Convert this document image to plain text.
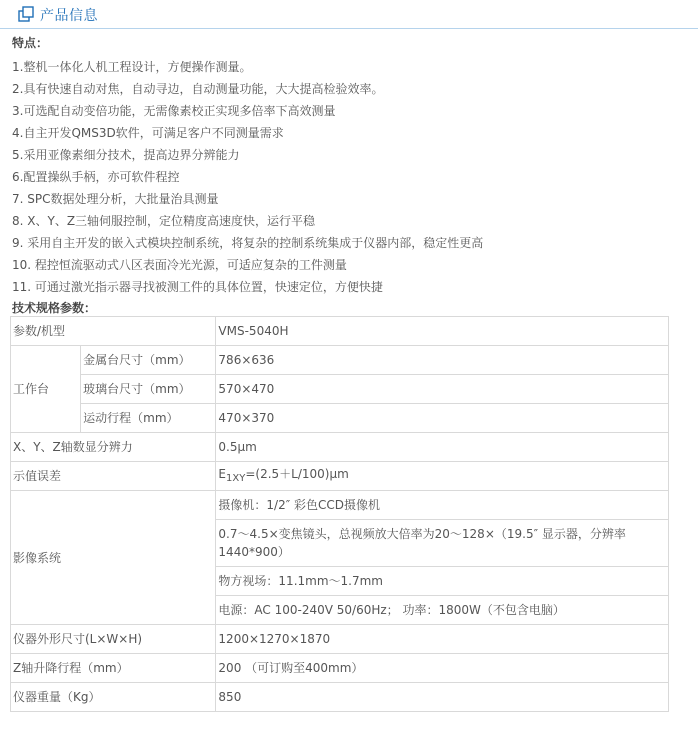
产品信息
特点：
1.整机一体化人机工程设计，方便操作测量。
2.具有快速自动对焦，自动寻边，自动测量功能，大大提高检验效率。
3.可选配自动变倍功能，无需像素校正实现多倍率下高效测量
4.自主开发QMS3D软件，可满足客户不同测量需求
5.采用亚像素细分技术，提高边界分辨能力
6.配置操纵手柄，亦可软件程控
7. SPC数据处理分析，大批量治具测量
8. X、Y、Z三轴伺服控制，定位精度高速度快，运行平稳
9. 采用自主开发的嵌入式模块控制系统，将复杂的控制系统集成于仪器内部，稳定性更高
10. 程控恒流驱动式八区表面冷光光源，可适应复杂的工件测量
11. 可通过激光指示器寻找被测工件的具体位置，快速定位，方便快捷
技术规格参数：
参数/机型		VMS-5040H
工作台	金属台尺寸（mm）	786×636
	玻璃台尺寸（mm）	570×470
	运动行程（mm）	470×370
X、Y、Z轴数显分辨力		0.5μm
示值误差		$E_{1XY}=(2.5+L/100)\mu m$
影像系统		摄像机：1/2″ 彩色CCD摄像机
		0.7～4.5×变焦镜头，总视频放大倍率为20～128×（19.5″ 显示器，分辨率1440*900）
		物方视场：11.1mm～1.7mm
		电源：AC 100-240V 50/60Hz； 功率：1800W（不包含电脑）
仪器外形尺寸(L×W×H)		1200×1270×1870
Z轴升降行程（mm）		200 （可订购至400mm）
仪器重量（Kg）		850
